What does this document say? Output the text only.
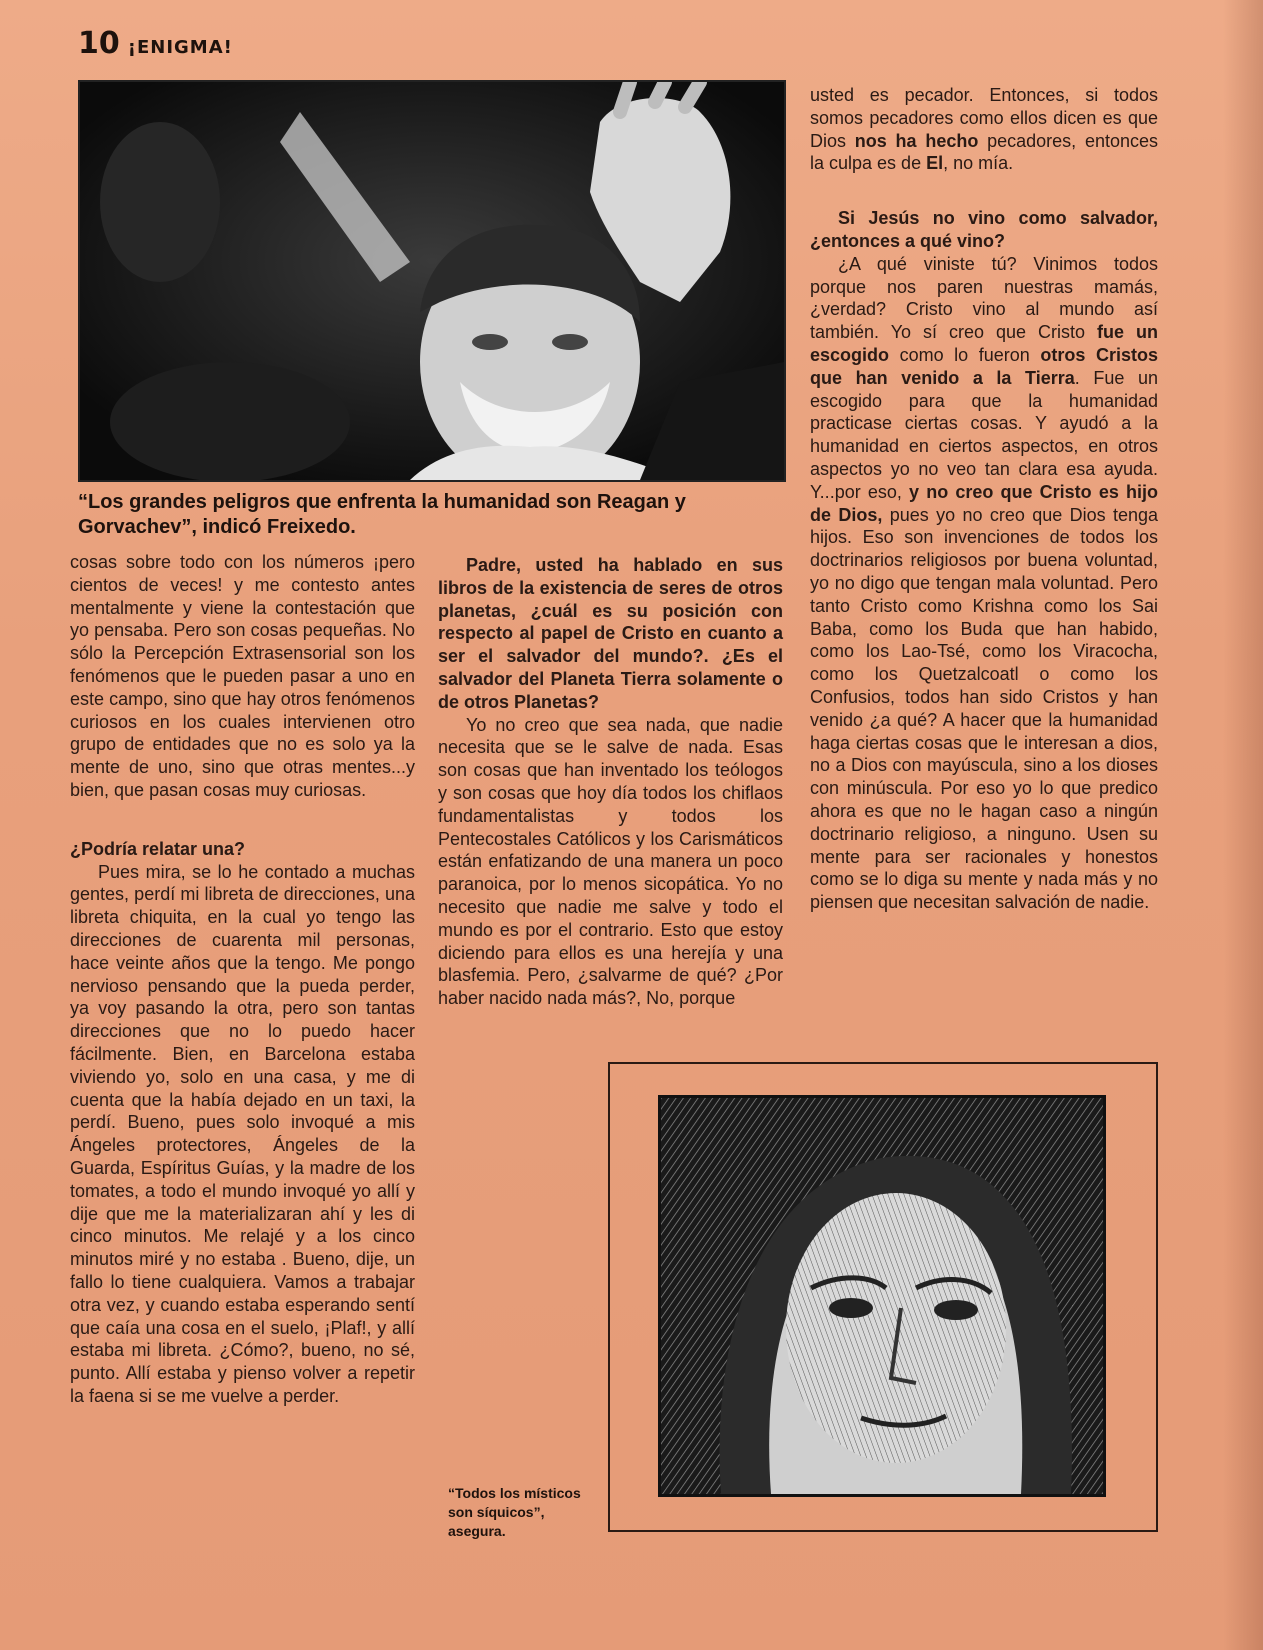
10 ¡ENIGMA!
“Los grandes peligros que enfrenta la humanidad son Reagan y Gorvachev”, indicó Freixedo.

cosas sobre todo con los números ¡pero cientos de veces! y me contesto antes mentalmente y viene la contestación que yo pensaba. Pero son cosas pequeñas. No sólo la Percepción Extrasensorial son los fenómenos que le pueden pasar a uno en este campo, sino que hay otros fenómenos curiosos en los cuales intervienen otro grupo de entidades que no es solo ya la mente de uno, sino que otras mentes...y bien, que pasan cosas muy curiosas.

¿Podría relatar una?

Pues mira, se lo he contado a muchas gentes, perdí mi libreta de direcciones, una libreta chiquita, en la cual yo tengo las direcciones de cuarenta mil personas, hace veinte años que la tengo. Me pongo nervioso pensando que la pueda perder, ya voy pasando la otra, pero son tantas direcciones que no lo puedo hacer fácilmente. Bien, en Barcelona estaba viviendo yo, solo en una casa, y me di cuenta que la había dejado en un taxi, la perdí. Bueno, pues solo invoqué a mis Ángeles protectores, Ángeles de la Guarda, Espíritus Guías, y la madre de los tomates, a todo el mundo invoqué yo allí y dije que me la materializaran ahí y les di cinco minutos. Me relajé y a los cinco minutos miré y no estaba . Bueno, dije, un fallo lo tiene cualquiera. Vamos a trabajar otra vez, y cuando estaba esperando sentí que caía una cosa en el suelo, ¡Plaf!, y allí estaba mi libreta. ¿Cómo?, bueno, no sé, punto. Allí estaba y pienso volver a repetir la faena si se me vuelve a perder.

Padre, usted ha hablado en sus libros de la existencia de seres de otros planetas, ¿cuál es su posición con respecto al papel de Cristo en cuanto a ser el salvador del mundo?. ¿Es el salvador del Planeta Tierra solamente o de otros Planetas?

Yo no creo que sea nada, que nadie necesita que se le salve de nada. Esas son cosas que han inventado los teólogos y son cosas que hoy día todos los chiflaos fundamentalistas y todos los Pentecostales Católicos y los Carismáticos están enfatizando de una manera un poco paranoica, por lo menos sicopática. Yo no necesito que nadie me salve y todo el mundo es por el contrario. Esto que estoy diciendo para ellos es una herejía y una blasfemia. Pero, ¿salvarme de qué? ¿Por haber nacido nada más?, No, porque

usted es pecador. Entonces, si todos somos pecadores como ellos dicen es que Dios nos ha hecho pecadores, entonces la culpa es de El, no mía.

Si Jesús no vino como salvador, ¿entonces a qué vino?

¿A qué viniste tú? Vinimos todos porque nos paren nuestras mamás, ¿verdad? Cristo vino al mundo así también. Yo sí creo que Cristo fue un escogido como lo fueron otros Cristos que han venido a la Tierra. Fue un escogido para que la humanidad practicase ciertas cosas. Y ayudó a la humanidad en ciertos aspectos, en otros aspectos yo no veo tan clara esa ayuda. Y...por eso, y no creo que Cristo es hijo de Dios, pues yo no creo que Dios tenga hijos. Eso son invenciones de todos los doctrinarios religiosos por buena voluntad, yo no digo que tengan mala voluntad. Pero tanto Cristo como Krishna como los Sai Baba, como los Buda que han habido, como los Lao-Tsé, como los Viracocha, como los Quetzalcoatl o como los Confusios, todos han sido Cristos y han venido ¿a qué? A hacer que la humanidad haga ciertas cosas que le interesan a dios, no a Dios con mayúscula, sino a los dioses con minúscula. Por eso yo lo que predico ahora es que no le hagan caso a ningún doctrinario religioso, a ninguno. Usen su mente para ser racionales y honestos como se lo diga su mente y nada más y no piensen que necesitan salvación de nadie.

“Todos los místicos son síquicos”, asegura.
